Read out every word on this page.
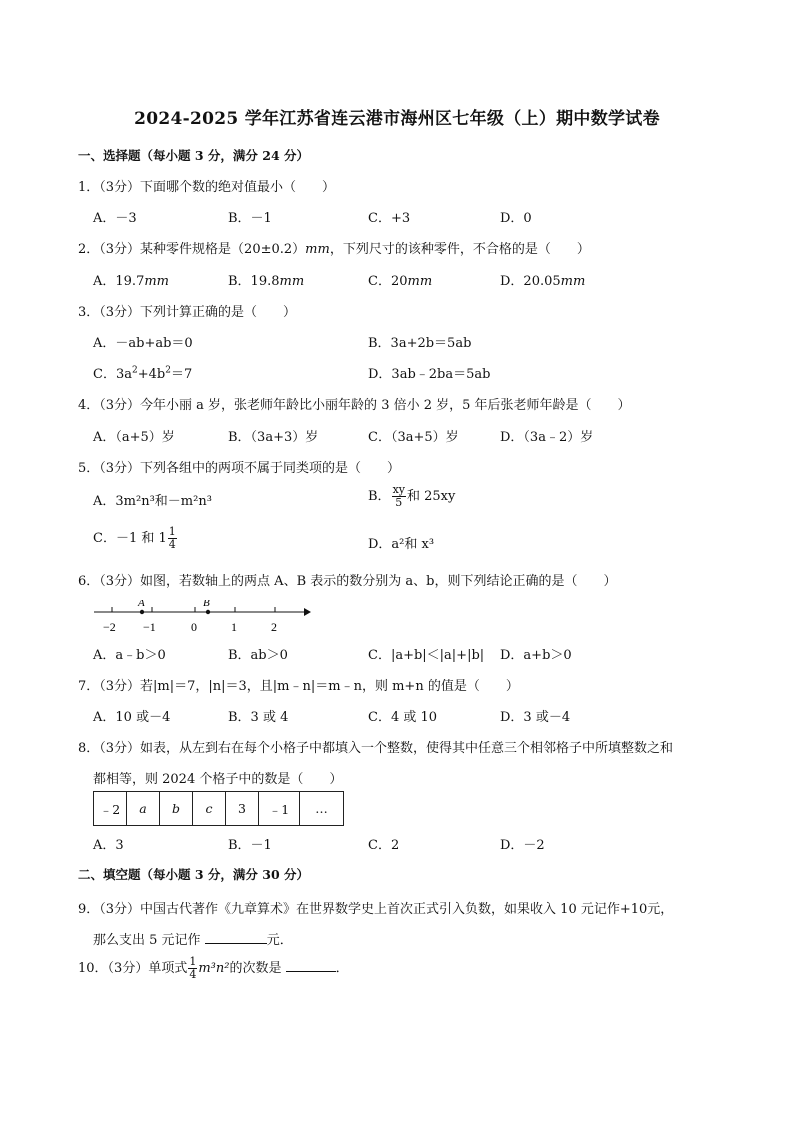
2024-2025 学年江苏省连云港市海州区七年级（上）期中数学试卷
一、选择题（每小题 3 分，满分 24 分）
1．（3分）下面哪个数的绝对值最小（　　）
A．－3	B．－1	C．+3	D．0
2．（3分）某种零件规格是（20±0.2）mm，下列尺寸的该种零件，不合格的是（　　）
A．19.7mm	B．19.8mm	C．20mm	D．20.05mm
3．（3分）下列计算正确的是（　　）
A．－ab+ab＝0	B．3a+2b＝5ab
C．$3a^2+4b^2=7$	D．3ab﹣2ba＝5ab
4．（3分）今年小丽 a 岁，张老师年龄比小丽年龄的 3 倍小 2 岁，5 年后张老师年龄是（　　）
A．（a+5）岁	B．（3a+3）岁	C．（3a+5）岁	D．（3a﹣2）岁
5．（3分）下列各组中的两项不属于同类项的是（　　）
A．3m²n³和－m²n³	B． $\frac{xy}{5}$ 和 25xy
C．－1 和 $1 \frac{1}{4}$	D．a²和 x³
6．（3分）如图，若数轴上的两点 A、B 表示的数分别为 a、b，则下列结论正确的是（　　）
A	B
−2 −1	0	1	2
A．a﹣b＞0	B．ab＞0	C．|a+b|＜|a|+|b| D．a+b＞0
7．（3分）若|m|＝7，|n|＝3，且|m﹣n|＝m﹣n，则 m+n 的值是（　　）
A．10 或－4	B．3 或 4	C．4 或 10	D．3 或－4
8．（3分）如表，从左到右在每个小格子中都填入一个整数，使得其中任意三个相邻格子中所填整数之和
都相等，则 2024 个格子中的数是（　　）
﹣2	a	b	c	3	﹣1	…
A．3	B．－1	C．2	D．－2
二、填空题（每小题 3 分，满分 30 分）
9．（3分）中国古代著作《九章算术》在世界数学史上首次正式引入负数，如果收入 10 元记作+10元，
那么支出 5 元记作	元．
10．（3分）单项式 $\frac{1}{4} m^3n^2$的次数是	．
